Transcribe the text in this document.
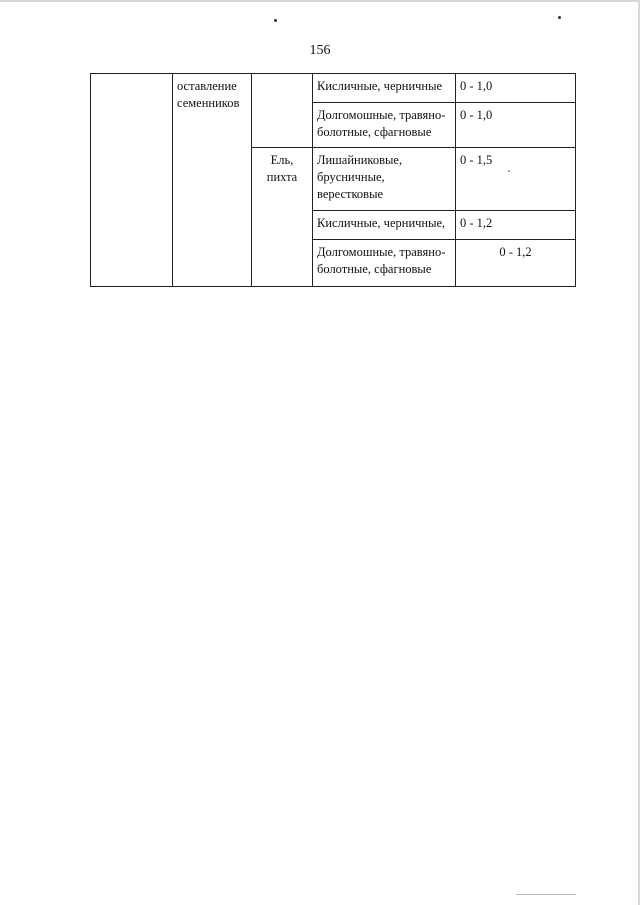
156
	оставление семенников		Кисличные, черничные	0 - 1,0
			Долгомошные, травяно-болотные, сфагновые	0 - 1,0
		Ель, пихта	Лишайниковые, брусничные, верестковые	0 - 1,5
			Кисличные, черничные,	0 - 1,2
			Долгомошные, травяно-болотные, сфагновые	0 - 1,2
